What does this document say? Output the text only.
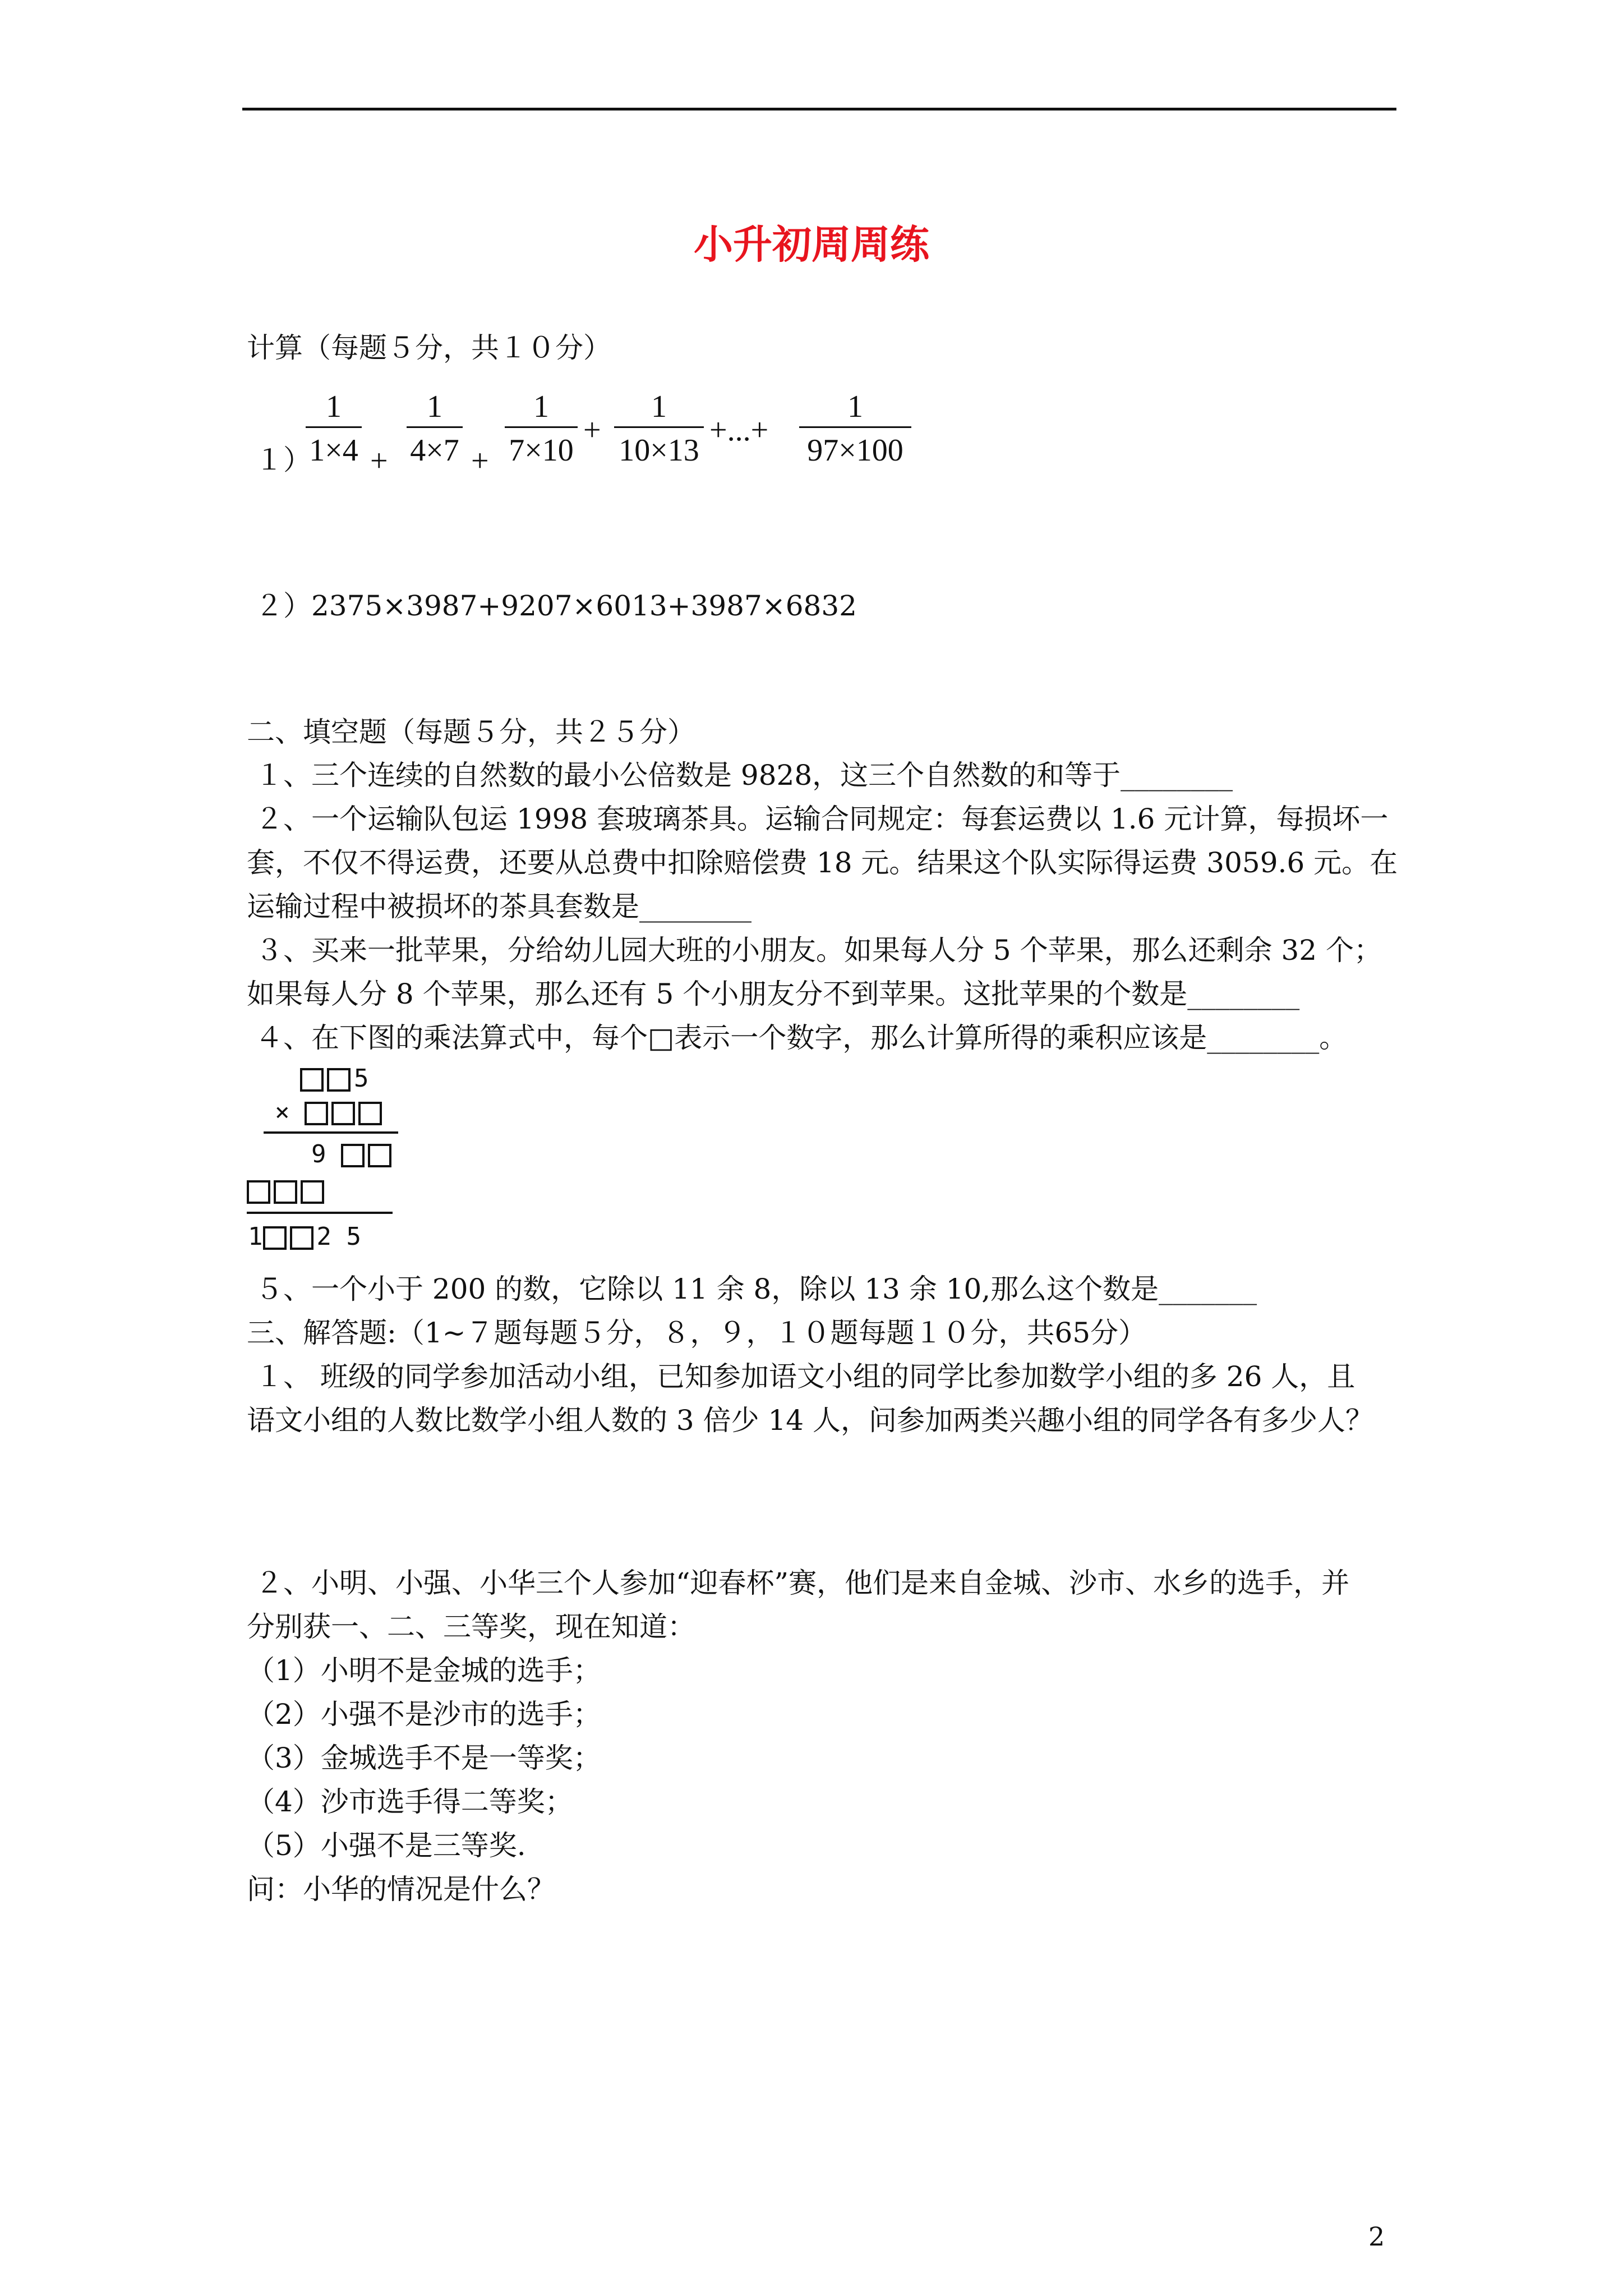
小升初周周练
计算（每题５分，共１０分）
１）
1
1×4 +
1
4×7 +
1
7×10
+
1
10×13
+...+
1
97×100
２）2375×3987+9207×6013+3987×6832
二、填空题（每题５分，共２５分）
１、三个连续的自然数的最小公倍数是 9828，这三个自然数的和等于________
２、一个运输队包运 1998 套玻璃茶具。运输合同规定：每套运费以 1.6 元计算，每损坏一
套，不仅不得运费，还要从总费中扣除赔偿费 18 元。结果这个队实际得运费 3059.6 元。在
运输过程中被损坏的茶具套数是________
３、买来一批苹果，分给幼儿园大班的小朋友。如果每人分 5 个苹果，那么还剩余 32 个；
如果每人分 8 个苹果，那么还有 5 个小朋友分不到苹果。这批苹果的个数是________
４、在下图的乘法算式中，每个□表示一个数字，那么计算所得的乘积应该是________。
5
×
9
1 2 5
５、一个小于 200 的数，它除以 11 余 8，除以 13 余 10,那么这个数是_______
三、解答题:（1~７题每题５分，８，９，１０题每题１０分，共65分）
１、 班级的同学参加活动小组，已知参加语文小组的同学比参加数学小组的多 26 人，且
语文小组的人数比数学小组人数的 3 倍少 14 人，问参加两类兴趣小组的同学各有多少人？
２、小明、小强、小华三个人参加“迎春杯”赛，他们是来自金城、沙市、水乡的选手，并
分别获一、二、三等奖，现在知道：
（1）小明不是金城的选手；
（2）小强不是沙市的选手；
（3）金城选手不是一等奖；
（4）沙市选手得二等奖；
（5）小强不是三等奖.
问：小华的情况是什么？
2
